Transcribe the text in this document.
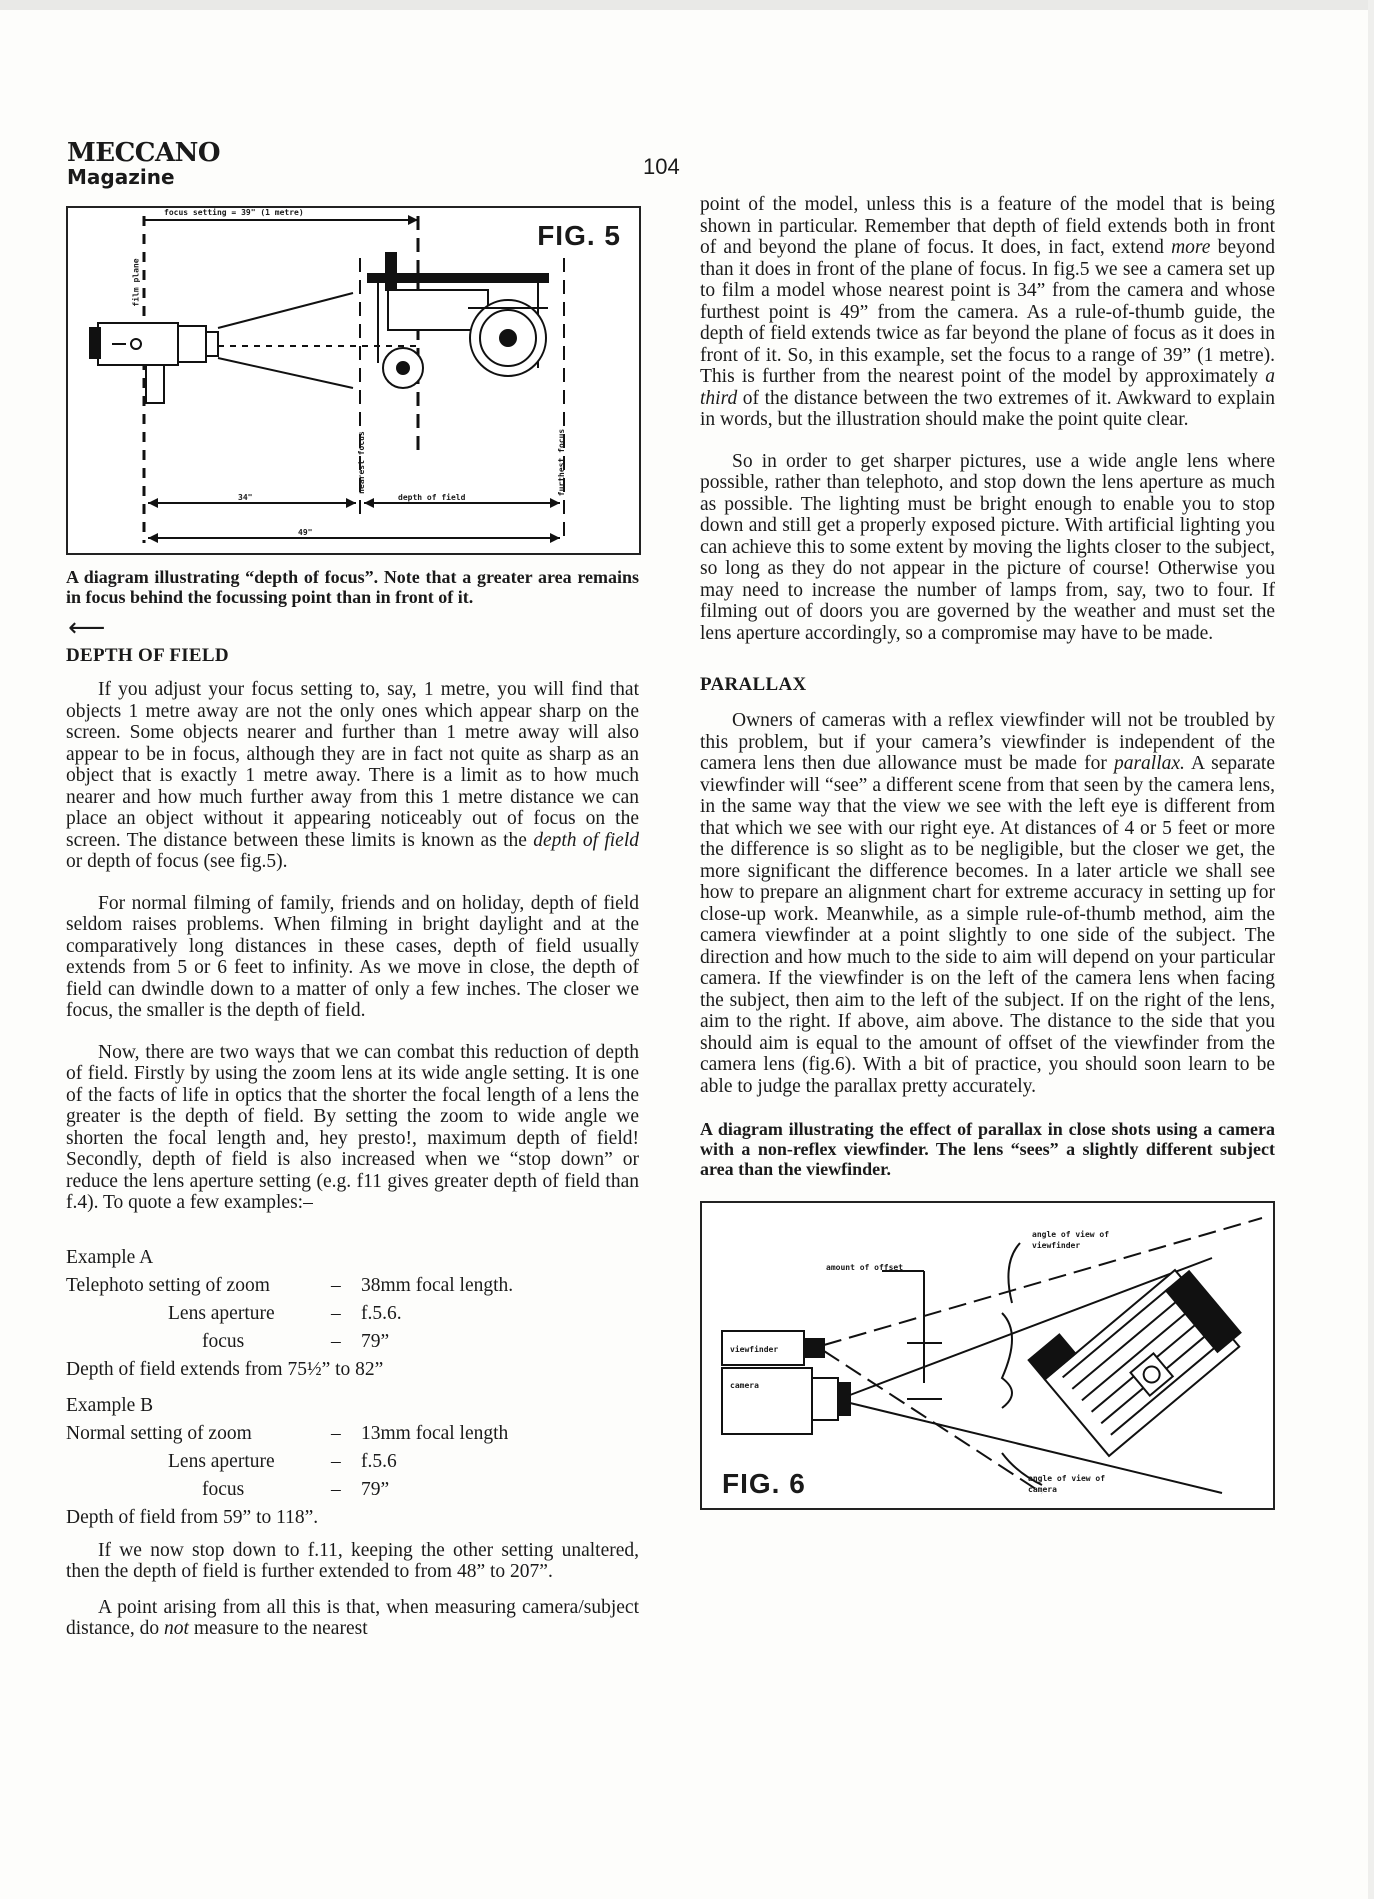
MECCANO
Magazine	104
FIG. 5
focus setting = 39" (1 metre)
film plane
nearest focus	furthest focus
depth of field
34"
49"

A diagram illustrating “depth of focus”. Note that a greater area remains in focus behind the focussing point than in front of it.

⟵
DEPTH OF FIELD

If you adjust your focus setting to, say, 1 metre, you will find that objects 1 metre away are not the only ones which appear sharp on the screen. Some objects nearer and further than 1 metre away will also appear to be in focus, although they are in fact not quite as sharp as an object that is exactly 1 metre away. There is a limit as to how much nearer and how much further away from this 1 metre distance we can place an object without it appearing noticeably out of focus on the screen. The distance between these limits is known as the depth of field or depth of focus (see fig.5).

For normal filming of family, friends and on holiday, depth of field seldom raises problems. When filming in bright daylight and at the comparatively long distances in these cases, depth of field usually extends from 5 or 6 feet to infinity. As we move in close, the depth of field can dwindle down to a matter of only a few inches. The closer we focus, the smaller is the depth of field.

Now, there are two ways that we can combat this reduction of depth of field. Firstly by using the zoom lens at its wide angle setting. It is one of the facts of life in optics that the shorter the focal length of a lens the greater is the depth of field. By setting the zoom to wide angle we shorten the focal length and, hey presto!, maximum depth of field! Secondly, depth of field is also increased when we “stop down” or reduce the lens aperture setting (e.g. f11 gives greater depth of field than f.4). To quote a few examples:–

Example A
Telephoto setting of zoom	–	38mm focal length.
Lens aperture	–	f.5.6.
focus	–	79”
Depth of field extends from 75½” to 82”
Example B
Normal setting of zoom	–	13mm focal length
Lens aperture	–	f.5.6
focus	–	79”
Depth of field from 59” to 118”.

If we now stop down to f.11, keeping the other setting unaltered, then the depth of field is further extended to from 48” to 207”.

A point arising from all this is that, when measuring camera/subject distance, do not measure to the nearest

point of the model, unless this is a feature of the model that is being shown in particular. Remember that depth of field extends both in front of and beyond the plane of focus. It does, in fact, extend more beyond than it does in front of the plane of focus. In fig.5 we see a camera set up to film a model whose nearest point is 34” from the camera and whose furthest point is 49” from the camera. As a rule-of-thumb guide, the depth of field extends twice as far beyond the plane of focus as it does in front of it. So, in this example, set the focus to a range of 39” (1 metre). This is further from the nearest point of the model by approximately a third of the distance between the two extremes of it. Awkward to explain in words, but the illustration should make the point quite clear.

So in order to get sharper pictures, use a wide angle lens where possible, rather than telephoto, and stop down the lens aperture as much as possible. The lighting must be bright enough to enable you to stop down and still get a properly exposed picture. With artificial lighting you can achieve this to some extent by moving the lights closer to the subject, so long as they do not appear in the picture of course! Otherwise you may need to increase the number of lamps from, say, two to four. If filming out of doors you are governed by the weather and must set the lens aperture accordingly, so a compromise may have to be made.

PARALLAX

Owners of cameras with a reflex viewfinder will not be troubled by this problem, but if your camera’s viewfinder is independent of the camera lens then due allowance must be made for parallax. A separate viewfinder will “see” a different scene from that seen by the camera lens, in the same way that the view we see with the left eye is different from that which we see with our right eye. At distances of 4 or 5 feet or more the difference is so slight as to be negligible, but the closer we get, the more significant the difference becomes. In a later article we shall see how to prepare an alignment chart for extreme accuracy in setting up for close-up work. Meanwhile, as a simple rule-of-thumb method, aim the camera viewfinder at a point slightly to one side of the subject. The direction and how much to the side to aim will depend on your particular camera. If the viewfinder is on the left of the camera lens when facing the subject, then aim to the left of the subject. If on the right of the lens, aim to the right. If above, aim above. The distance to the side that you should aim is equal to the amount of offset of the viewfinder from the camera lens (fig.6). With a bit of practice, you should soon learn to be able to judge the parallax pretty accurately.

A diagram illustrating the effect of parallax in close shots using a camera with a non-reflex viewfinder. The lens “sees” a slightly different subject area than the viewfinder.

FIG. 6
angle of view of viewfinder
amount of offset
viewfinder
camera
angle of view of camera
